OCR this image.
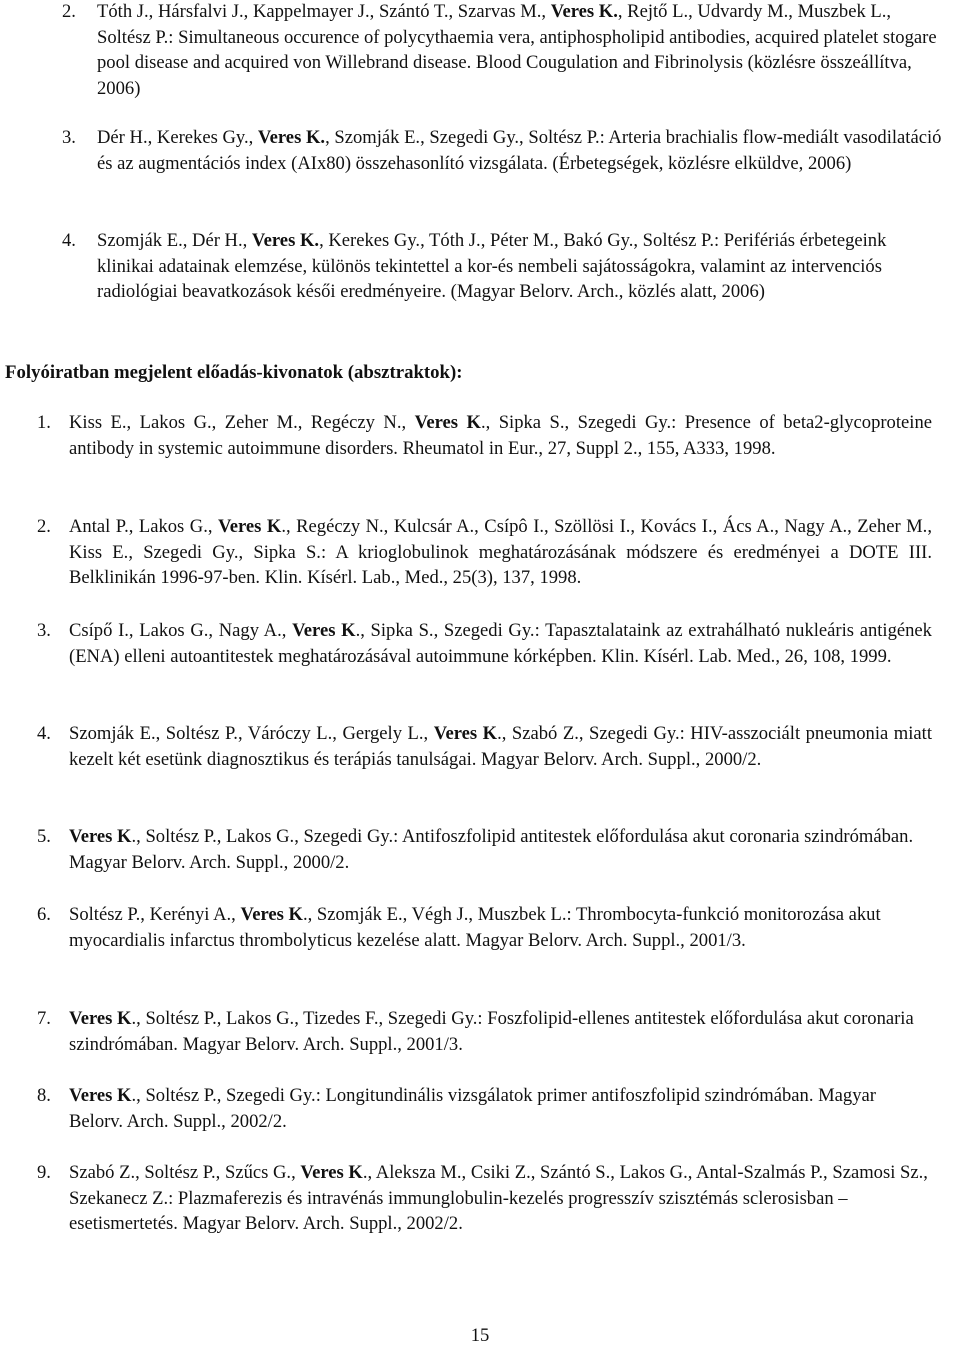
2. Tóth J., Hársfalvi J., Kappelmayer J., Szántó T., Szarvas M., Veres K., Rejtő L., Udvardy M., Muszbek L., Soltész P.: Simultaneous occurence of polycythaemia vera, antiphospholipid antibodies, acquired platelet stogare pool disease and acquired von Willebrand disease. Blood Cougulation and Fibrinolysis (közlésre összeállítva, 2006)
3. Dér H., Kerekes Gy., Veres K., Szomják E., Szegedi Gy., Soltész P.: Arteria brachialis flow-mediált vasodilatáció és az augmentációs index (AIx80) összehasonlító vizsgálata. (Érbetegségek, közlésre elküldve, 2006)
4. Szomják E., Dér H., Veres K., Kerekes Gy., Tóth J., Péter M., Bakó Gy., Soltész P.: Perifériás érbetegeink klinikai adatainak elemzése, különös tekintettel a kor-és nembeli sajátosságokra, valamint az intervenciós radiológiai beavatkozások késői eredményeire. (Magyar Belorv. Arch., közlés alatt, 2006)
Folyóiratban megjelent előadás-kivonatok (absztraktok):
1. Kiss E., Lakos G., Zeher M., Regéczy N., Veres K., Sipka S., Szegedi Gy.: Presence of beta2-glycoproteine antibody in systemic autoimmune disorders. Rheumatol in Eur., 27, Suppl 2., 155, A333, 1998.
2. Antal P., Lakos G., Veres K., Regéczy N., Kulcsár A., Csípô I., Szöllösi I., Kovács I., Ács A., Nagy A., Zeher M., Kiss E., Szegedi Gy., Sipka S.: A krioglobulinok meghatározásának módszere és eredményei a DOTE III. Belklinikán 1996-97-ben. Klin. Kísérl. Lab., Med., 25(3), 137, 1998.
3. Csípő I., Lakos G., Nagy A., Veres K., Sipka S., Szegedi Gy.: Tapasztalataink az extrahálható nukleáris antigének (ENA) elleni autoantitestek meghatározásával autoimmune kórképben. Klin. Kísérl. Lab. Med., 26, 108, 1999.
4. Szomják E., Soltész P., Váróczy L., Gergely L., Veres K., Szabó Z., Szegedi Gy.: HIV-asszociált pneumonia miatt kezelt két esetünk diagnosztikus és terápiás tanulságai. Magyar Belorv. Arch. Suppl., 2000/2.
5. Veres K., Soltész P., Lakos G., Szegedi Gy.: Antifoszfolipid antitestek előfordulása akut coronaria szindrómában. Magyar Belorv. Arch. Suppl., 2000/2.
6. Soltész P., Kerényi A., Veres K., Szomják E., Végh J., Muszbek L.: Thrombocyta-funkció monitorozása akut myocardialis infarctus thrombolyticus kezelése alatt. Magyar Belorv. Arch. Suppl., 2001/3.
7. Veres K., Soltész P., Lakos G., Tizedes F., Szegedi Gy.: Foszfolipid-ellenes antitestek előfordulása akut coronaria szindrómában. Magyar Belorv. Arch. Suppl., 2001/3.
8. Veres K., Soltész P., Szegedi Gy.: Longitundinális vizsgálatok primer antifoszfolipid szindrómában. Magyar Belorv. Arch. Suppl., 2002/2.
9. Szabó Z., Soltész P., Szűcs G., Veres K., Aleksza M., Csiki Z., Szántó S., Lakos G., Antal-Szalmás P., Szamosi Sz., Szekanecz Z.: Plazmaferezis és intravénás immunglobulin-kezelés progresszív szisztémás sclerosisban – esetismertetés. Magyar Belorv. Arch. Suppl., 2002/2.
15
